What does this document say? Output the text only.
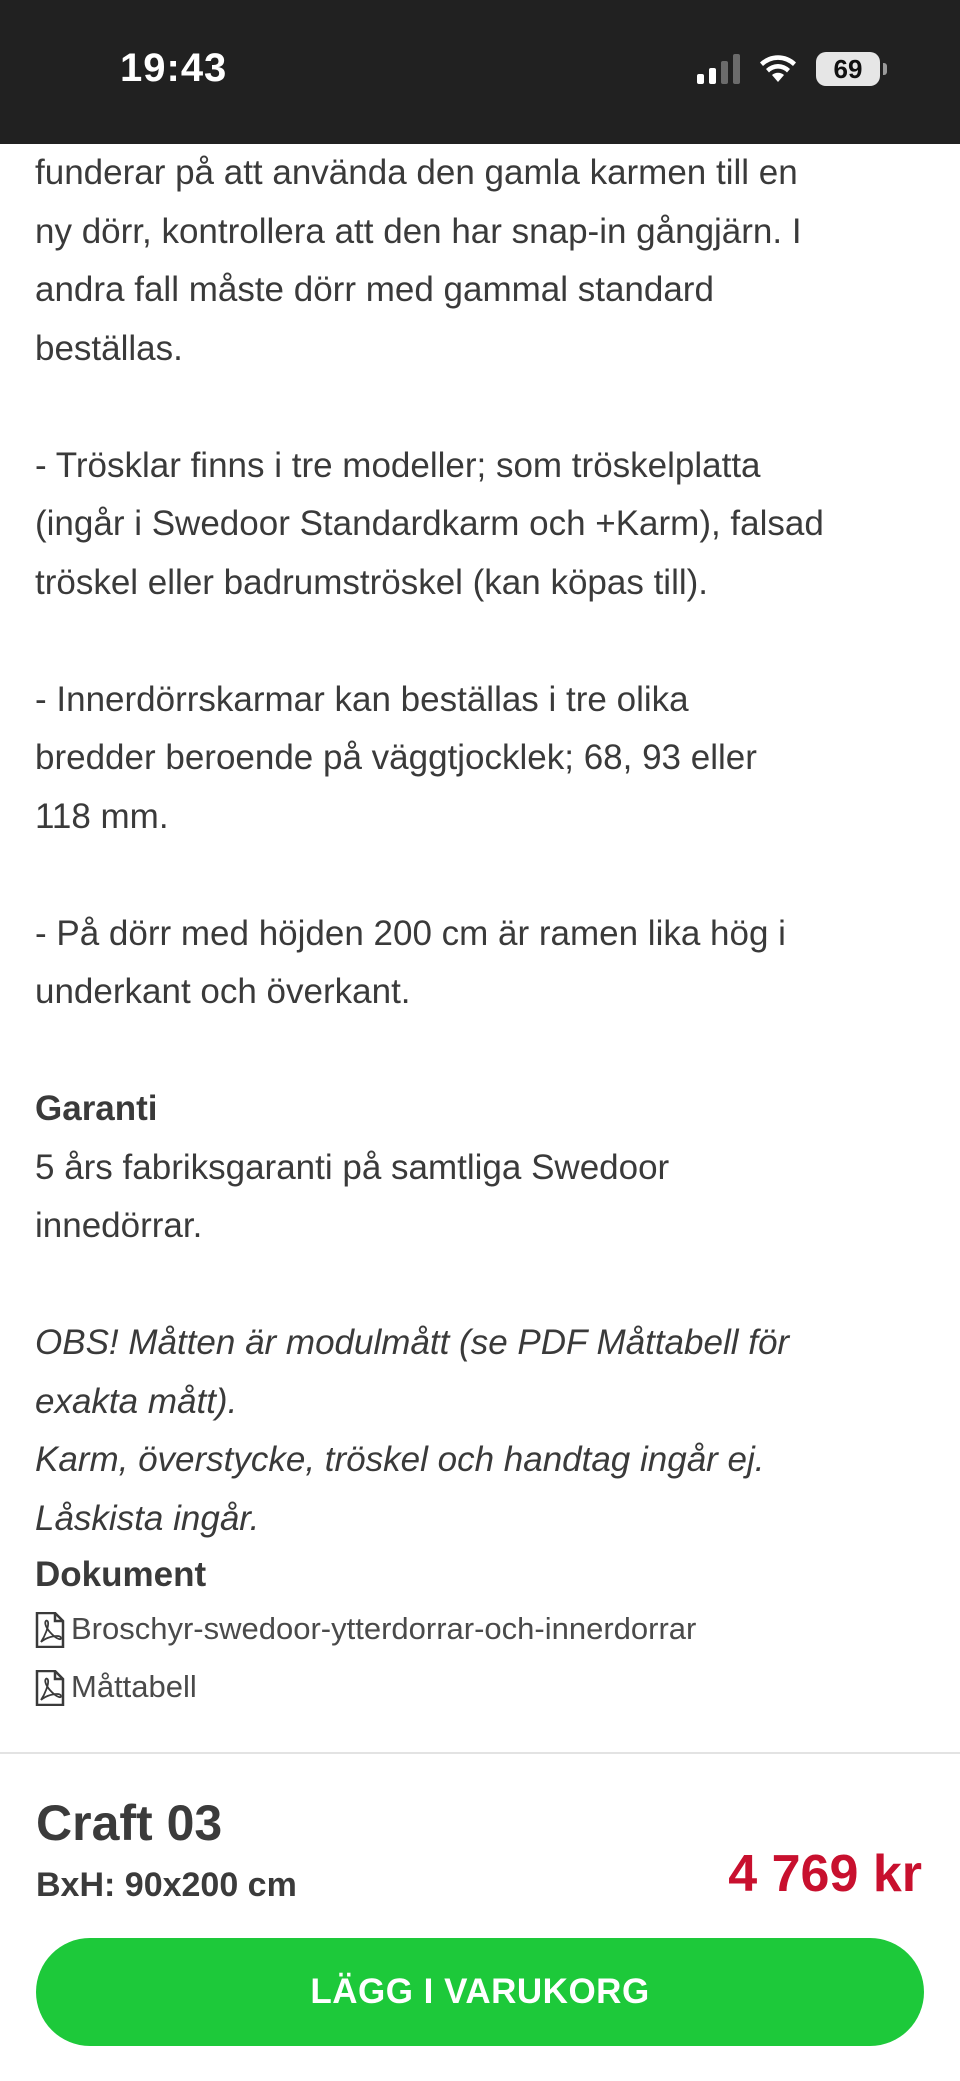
19:43	69
funderar på att använda den gamla karmen till en
ny dörr, kontrollera att den har snap-in gångjärn. I
andra fall måste dörr med gammal standard
beställas.
- Trösklar finns i tre modeller; som tröskelplatta
(ingår i Swedoor Standardkarm och +Karm), falsad
tröskel eller badrumströskel (kan köpas till).
- Innerdörrskarmar kan beställas i tre olika
bredder beroende på väggtjocklek; 68, 93 eller
118 mm.
- På dörr med höjden 200 cm är ramen lika hög i
underkant och överkant.
Garanti
5 års fabriksgaranti på samtliga Swedoor
innedörrar.
OBS! Måtten är modulmått (se PDF Måttabell för
exakta mått).
Karm, överstycke, tröskel och handtag ingår ej.
Låskista ingår.
Dokument
Broschyr-swedoor-ytterdorrar-och-innerdorrar
Måttabell
Craft 03
BxH: 90x200 cm	4 769 kr
LÄGG I VARUKORG
